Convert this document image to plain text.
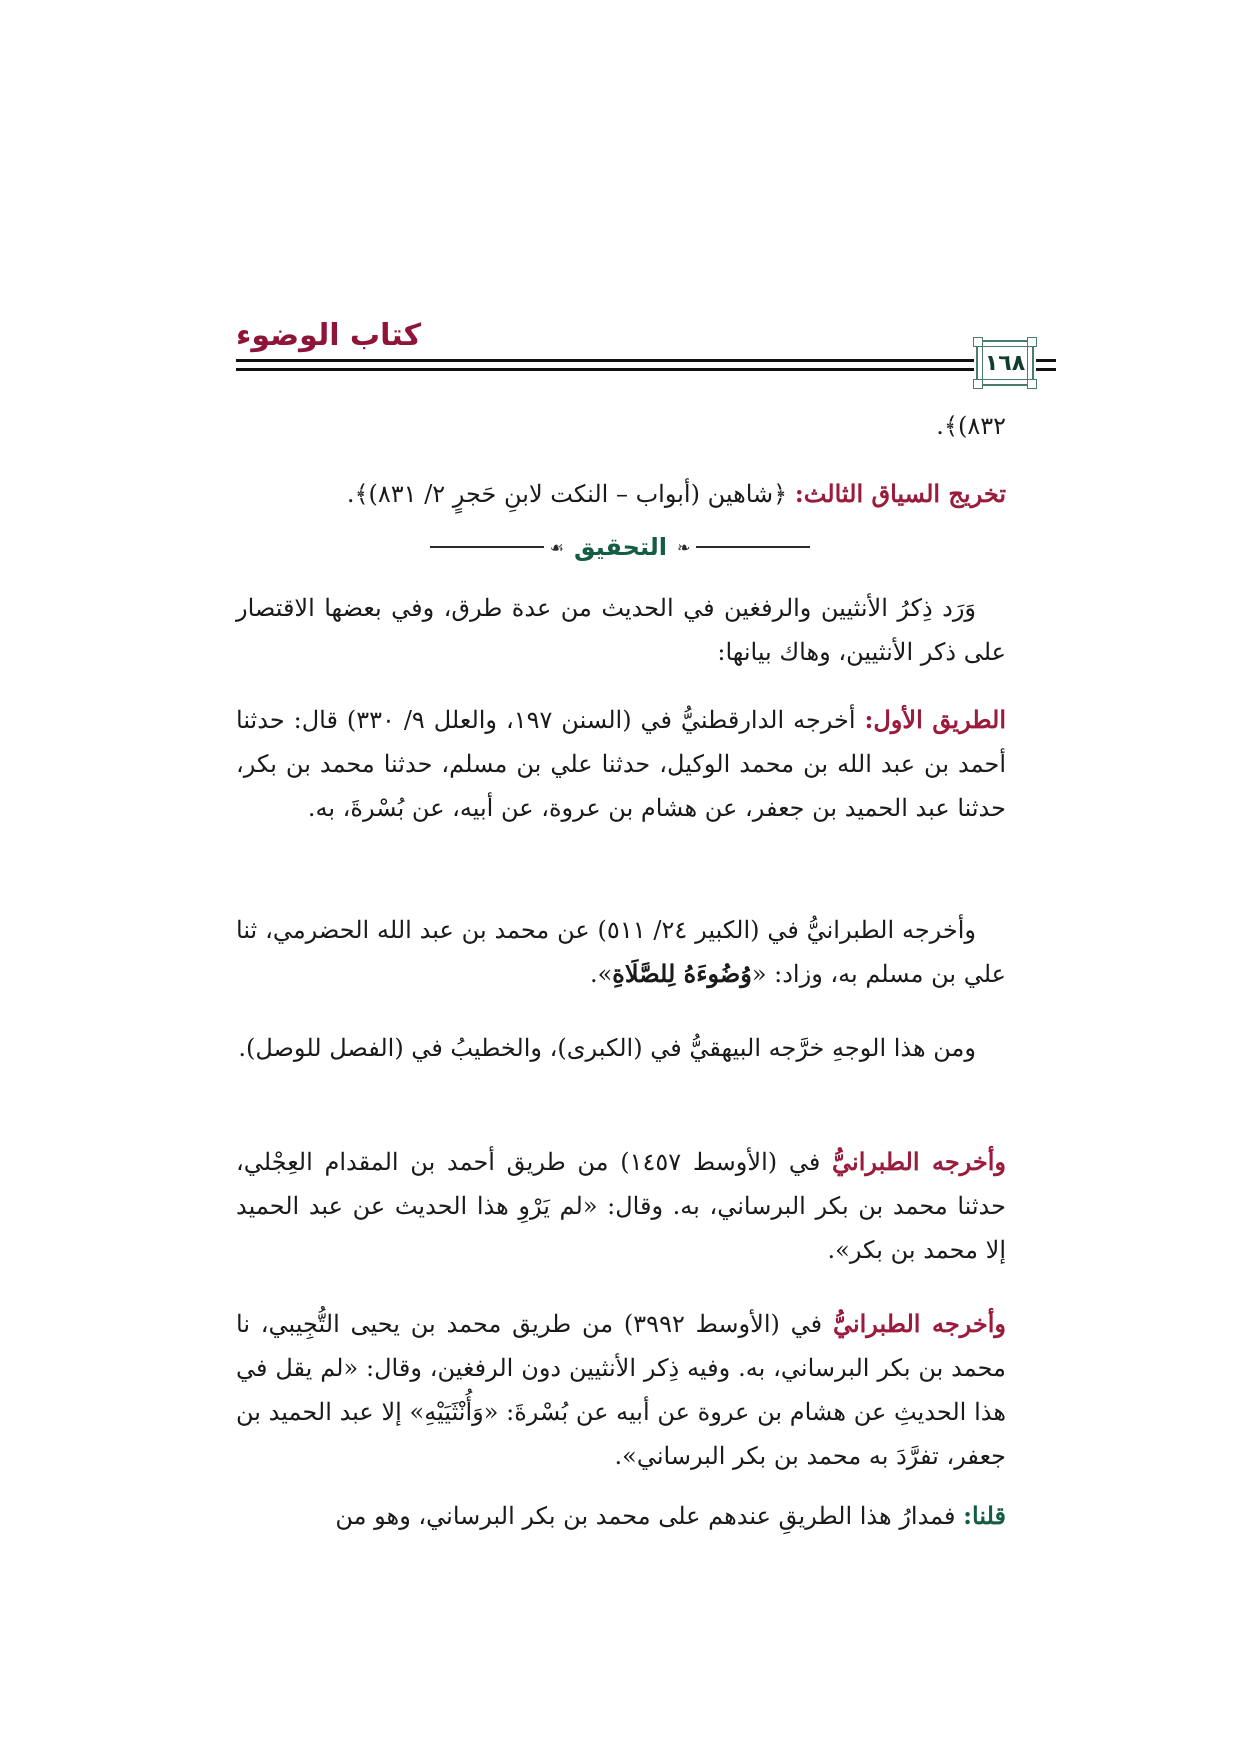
كتاب الوضوء
١٦٨

٨٣٢)﴾.

تخريج السياق الثالث: ﴿شاهين (أبواب – النكت لابنِ حَجرٍ ٢/ ٨٣١)﴾.

❧
التحقيق
☙

وَرَد ذِكرُ الأنثيين والرفغين في الحديث من عدة طرق، وفي بعضها الاقتصار على ذكر الأنثيين، وهاك بيانها:

الطريق الأول: أخرجه الدارقطنيُّ في (السنن ١٩٧، والعلل ٩/ ٣٣٠) قال: حدثنا أحمد بن عبد الله بن محمد الوكيل، حدثنا علي بن مسلم، حدثنا محمد بن بكر، حدثنا عبد الحميد بن جعفر، عن هشام بن عروة، عن أبيه، عن بُسْرةَ، به.

وأخرجه الطبرانيُّ في (الكبير ٢٤/ ٥١١) عن محمد بن عبد الله الحضرمي، ثنا علي بن مسلم به، وزاد: «وُضُوءَهُ لِلصَّلَاةِ».

ومن هذا الوجهِ خرَّجه البيهقيُّ في (الكبرى)، والخطيبُ في (الفصل للوصل).

وأخرجه الطبرانيُّ في (الأوسط ١٤٥٧) من طريق أحمد بن المقدام العِجْلي، حدثنا محمد بن بكر البرساني، به. وقال: «لم يَرْوِ هذا الحديث عن عبد الحميد إلا محمد بن بكر».

وأخرجه الطبرانيُّ في (الأوسط ٣٩٩٢) من طريق محمد بن يحيى التُّجِيبي، نا محمد بن بكر البرساني، به. وفيه ذِكر الأنثيين دون الرفغين، وقال: «لم يقل في هذا الحديثِ عن هشام بن عروة عن أبيه عن بُسْرةَ: «وَأُنْثَيَيْهِ» إلا عبد الحميد بن جعفر، تفرَّدَ به محمد بن بكر البرساني».

قلنا: فمدارُ هذا الطريقِ عندهم على محمد بن بكر البرساني، وهو من
